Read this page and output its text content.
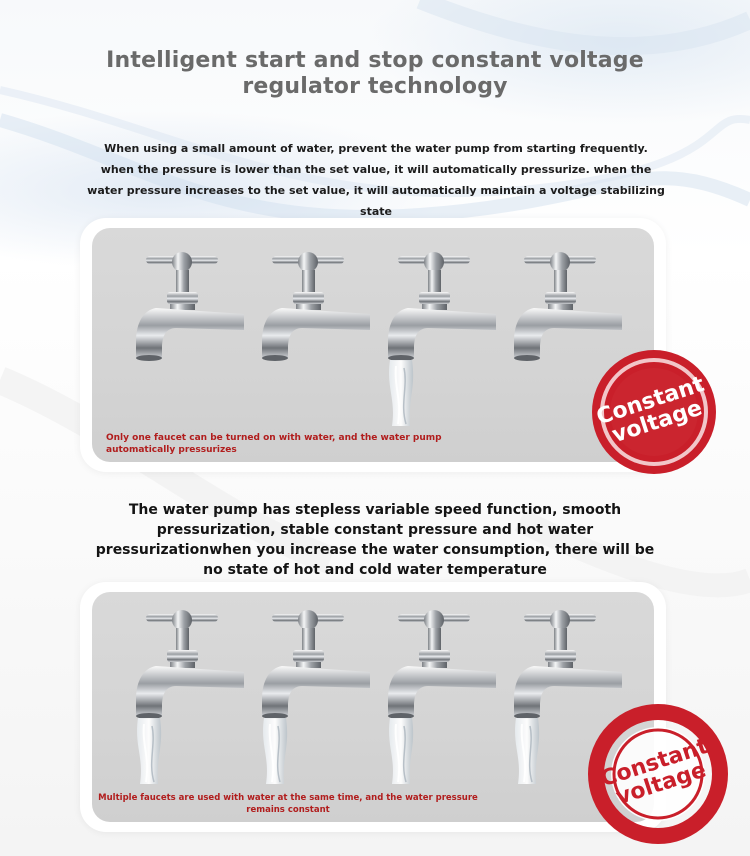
Intelligent start and stop constant voltage
regulator technology
When using a small amount of water, prevent the water pump from starting frequently. when the pressure is lower than the set value, it will automatically pressurize. when the water pressure increases to the set value, it will automatically maintain a voltage stabilizing state
Only one faucet can be turned on with water, and the water pump automatically pressurizes
Constant voltage
The water pump has stepless variable speed function, smooth pressurization, stable constant pressure and hot water pressurizationwhen you increase the water consumption, there will be no state of hot and cold water temperature
Multiple faucets are used with water at the same time, and the water pressure remains constant
Constant voltage
